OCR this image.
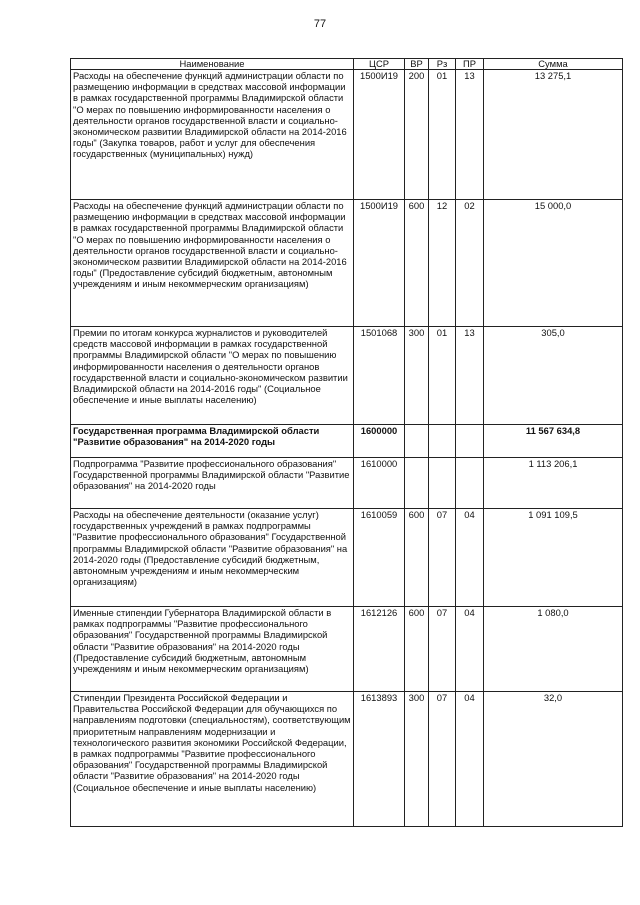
77
Наименование	ЦСР	ВР	Рз	ПР	Сумма
Расходы на обеспечение функций администрации области по размещению информации в средствах массовой информации в рамках государственной программы Владимирской области "О мерах по повышению информированности населения о деятельности органов государственной власти и социально-экономическом развитии Владимирской области на 2014-2016 годы" (Закупка товаров, работ и услуг для обеспечения государственных (муниципальных) нужд)	1500И19	200	01	13	13 275,1
Расходы на обеспечение функций администрации области по размещению информации в средствах массовой информации в рамках государственной программы Владимирской области "О мерах по повышению информированности населения о деятельности органов государственной власти и социально-экономическом развитии Владимирской области на 2014-2016 годы" (Предоставление субсидий бюджетным, автономным учреждениям и иным некоммерческим организациям)	1500И19	600	12	02	15 000,0
Премии по итогам конкурса журналистов и руководителей средств массовой информации в рамках государственной программы Владимирской области "О мерах по повышению информированности населения о деятельности органов государственной власти и социально-экономическом развитии Владимирской области на 2014-2016 годы" (Социальное обеспечение и иные выплаты населению)	1501068	300	01	13	305,0
Государственная программа Владимирской области "Развитие образования" на 2014-2020 годы	1600000				11 567 634,8
Подпрограмма "Развитие профессионального образования" Государственной программы Владимирской области "Развитие образования" на 2014-2020 годы	1610000				1 113 206,1
Расходы на обеспечение деятельности (оказание услуг) государственных учреждений в рамках подпрограммы "Развитие профессионального образования" Государственной программы Владимирской области "Развитие образования" на 2014-2020 годы (Предоставление субсидий бюджетным, автономным учреждениям и иным некоммерческим организациям)	1610059	600	07	04	1 091 109,5
Именные стипендии Губернатора Владимирской области в рамках подпрограммы "Развитие профессионального образования" Государственной программы Владимирской области "Развитие образования" на 2014-2020 годы (Предоставление субсидий бюджетным, автономным учреждениям и иным некоммерческим организациям)	1612126	600	07	04	1 080,0
Стипендии Президента Российской Федерации и Правительства Российской Федерации для обучающихся по направлениям подготовки (специальностям), соответствующим приоритетным направлениям модернизации и технологического развития экономики Российской Федерации, в рамках подпрограммы "Развитие профессионального образования" Государственной программы Владимирской области "Развитие образования" на 2014-2020 годы (Социальное обеспечение и иные выплаты населению)	1613893	300	07	04	32,0
